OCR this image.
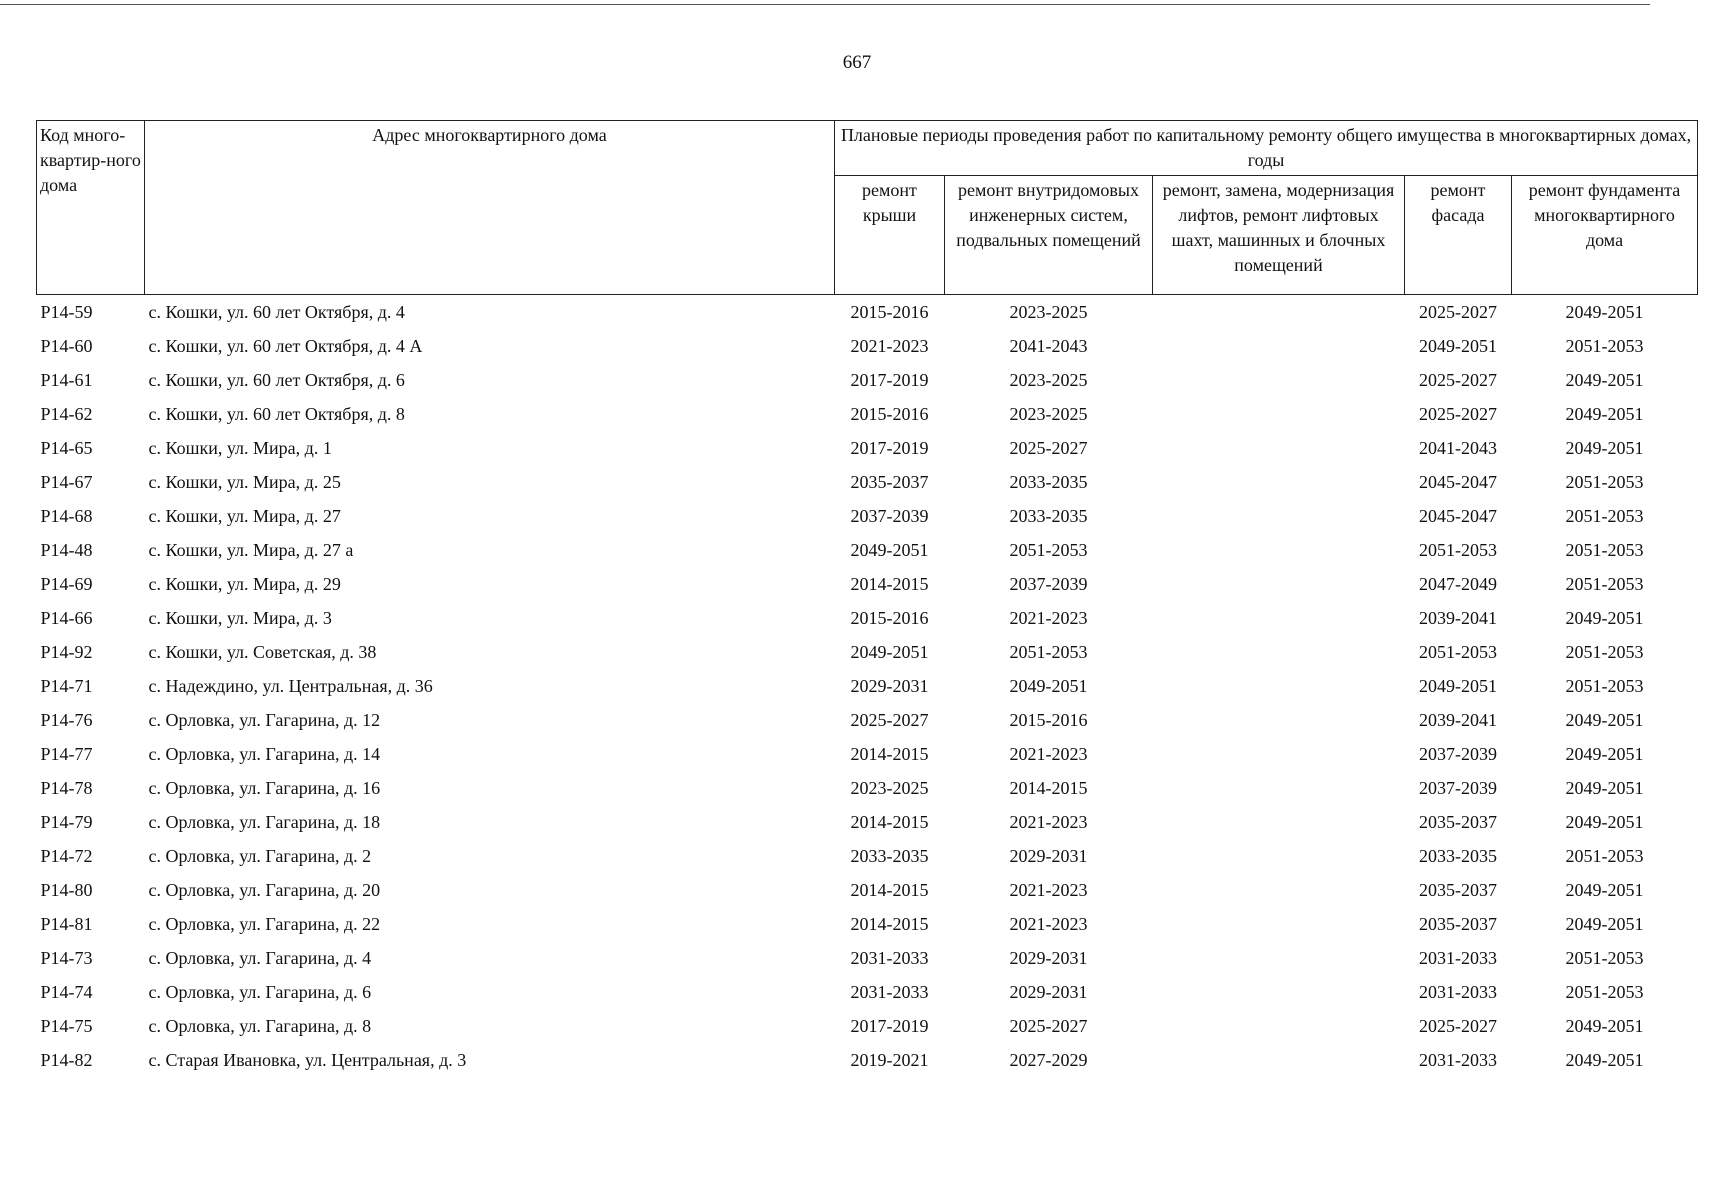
667
Код много-квартир-ного дома	Адрес многоквартирного дома	Плановые периоды проведения работ по капитальному ремонту общего имущества в многоквартирных домах, годы				
		ремонт крыши	ремонт внутридомовых инженерных систем, подвальных помещений	ремонт, замена, модернизация лифтов, ремонт лифтовых шахт, машинных и блочных помещений	ремонт фасада	ремонт фундамента многоквартирного дома
Р14-59	с. Кошки, ул. 60 лет Октября, д. 4	2015-2016	2023-2025		2025-2027	2049-2051
Р14-60	с. Кошки, ул. 60 лет Октября, д. 4 А	2021-2023	2041-2043		2049-2051	2051-2053
Р14-61	с. Кошки, ул. 60 лет Октября, д. 6	2017-2019	2023-2025		2025-2027	2049-2051
Р14-62	с. Кошки, ул. 60 лет Октября, д. 8	2015-2016	2023-2025		2025-2027	2049-2051
Р14-65	с. Кошки, ул. Мира, д. 1	2017-2019	2025-2027		2041-2043	2049-2051
Р14-67	с. Кошки, ул. Мира, д. 25	2035-2037	2033-2035		2045-2047	2051-2053
Р14-68	с. Кошки, ул. Мира, д. 27	2037-2039	2033-2035		2045-2047	2051-2053
Р14-48	с. Кошки, ул. Мира, д. 27 а	2049-2051	2051-2053		2051-2053	2051-2053
Р14-69	с. Кошки, ул. Мира, д. 29	2014-2015	2037-2039		2047-2049	2051-2053
Р14-66	с. Кошки, ул. Мира, д. 3	2015-2016	2021-2023		2039-2041	2049-2051
Р14-92	с. Кошки, ул. Советская, д. 38	2049-2051	2051-2053		2051-2053	2051-2053
Р14-71	с. Надеждино, ул. Центральная, д. 36	2029-2031	2049-2051		2049-2051	2051-2053
Р14-76	с. Орловка, ул. Гагарина, д. 12	2025-2027	2015-2016		2039-2041	2049-2051
Р14-77	с. Орловка, ул. Гагарина, д. 14	2014-2015	2021-2023		2037-2039	2049-2051
Р14-78	с. Орловка, ул. Гагарина, д. 16	2023-2025	2014-2015		2037-2039	2049-2051
Р14-79	с. Орловка, ул. Гагарина, д. 18	2014-2015	2021-2023		2035-2037	2049-2051
Р14-72	с. Орловка, ул. Гагарина, д. 2	2033-2035	2029-2031		2033-2035	2051-2053
Р14-80	с. Орловка, ул. Гагарина, д. 20	2014-2015	2021-2023		2035-2037	2049-2051
Р14-81	с. Орловка, ул. Гагарина, д. 22	2014-2015	2021-2023		2035-2037	2049-2051
Р14-73	с. Орловка, ул. Гагарина, д. 4	2031-2033	2029-2031		2031-2033	2051-2053
Р14-74	с. Орловка, ул. Гагарина, д. 6	2031-2033	2029-2031		2031-2033	2051-2053
Р14-75	с. Орловка, ул. Гагарина, д. 8	2017-2019	2025-2027		2025-2027	2049-2051
Р14-82	с. Старая Ивановка, ул. Центральная, д. 3	2019-2021	2027-2029		2031-2033	2049-2051
